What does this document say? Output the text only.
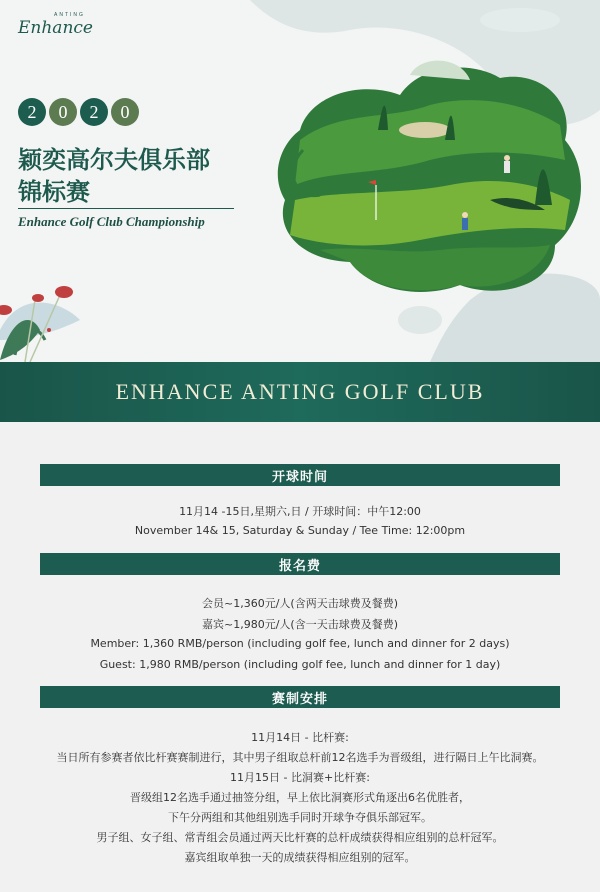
ANTING
Enhance
2	0	2	0
颖奕高尔夫俱乐部
锦标赛
Enhance Golf Club Championship
ENHANCE ANTING GOLF CLUB
开球时间
11月14 -15日,星期六,日 / 开球时间：中午12:00
November 14& 15, Saturday & Sunday / Tee Time: 12:00pm
报名费
会员~1,360元/人(含两天击球费及餐费)
嘉宾~1,980元/人(含一天击球费及餐费)
Member: 1,360 RMB/person (including golf fee, lunch and dinner for 2 days)
Guest: 1,980 RMB/person (including golf fee, lunch and dinner for 1 day)
赛制安排
11月14日 - 比杆赛:
当日所有参赛者依比杆赛赛制进行，其中男子组取总杆前12名选手为晋级组，进行隔日上午比洞赛。
11月15日 - 比洞赛+比杆赛:
晋级组12名选手通过抽签分组，早上依比洞赛形式角逐出6名优胜者，
下午分两组和其他组别选手同时开球争夺俱乐部冠军。
男子组、女子组、常青组会员通过两天比杆赛的总杆成绩获得相应组别的总杆冠军。
嘉宾组取单独一天的成绩获得相应组别的冠军。
